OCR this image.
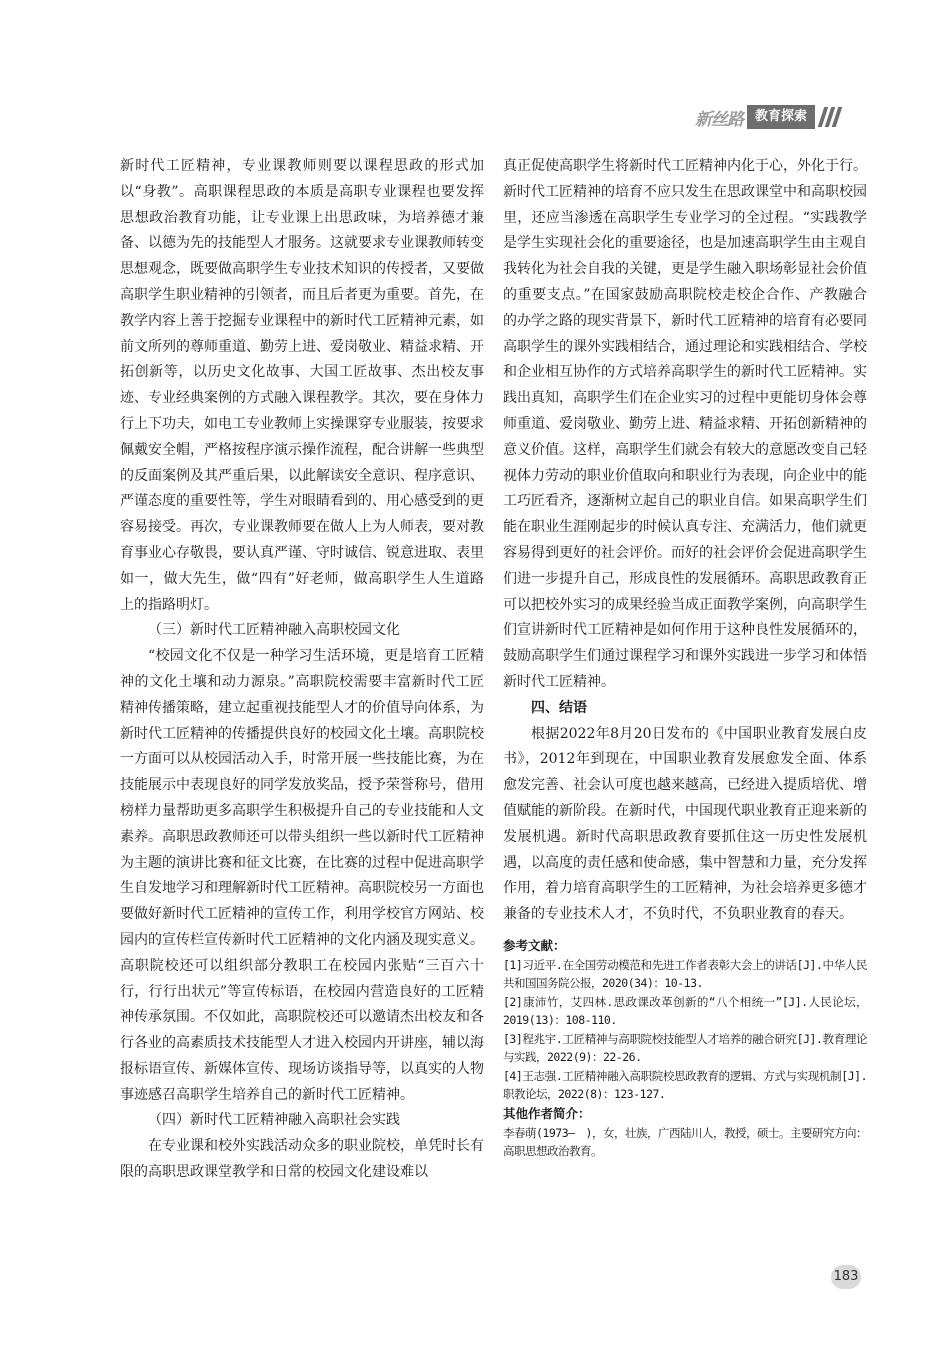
新丝路 教育探索

新时代工匠精神，专业课教师则要以课程思政的形式加以“身教”。高职课程思政的本质是高职专业课程也要发挥思想政治教育功能，让专业课上出思政味，为培养德才兼备、以德为先的技能型人才服务。这就要求专业课教师转变思想观念，既要做高职学生专业技术知识的传授者，又要做高职学生职业精神的引领者，而且后者更为重要。首先，在教学内容上善于挖掘专业课程中的新时代工匠精神元素，如前文所列的尊师重道、勤劳上进、爱岗敬业、精益求精、开拓创新等，以历史文化故事、大国工匠故事、杰出校友事迹、专业经典案例的方式融入课程教学。其次，要在身体力行上下功夫，如电工专业教师上实操课穿专业服装，按要求佩戴安全帽，严格按程序演示操作流程，配合讲解一些典型的反面案例及其严重后果，以此解读安全意识、程序意识、严谨态度的重要性等，学生对眼睛看到的、用心感受到的更容易接受。再次，专业课教师要在做人上为人师表，要对教育事业心存敬畏，要认真严谨、守时诚信、锐意进取、表里如一，做大先生，做“四有”好老师，做高职学生人生道路上的指路明灯。

（三）新时代工匠精神融入高职校园文化

“校园文化不仅是一种学习生活环境，更是培育工匠精神的文化土壤和动力源泉。”高职院校需要丰富新时代工匠精神传播策略，建立起重视技能型人才的价值导向体系，为新时代工匠精神的传播提供良好的校园文化土壤。高职院校一方面可以从校园活动入手，时常开展一些技能比赛，为在技能展示中表现良好的同学发放奖品，授予荣誉称号，借用榜样力量帮助更多高职学生积极提升自己的专业技能和人文素养。高职思政教师还可以带头组织一些以新时代工匠精神为主题的演讲比赛和征文比赛，在比赛的过程中促进高职学生自发地学习和理解新时代工匠精神。高职院校另一方面也要做好新时代工匠精神的宣传工作，利用学校官方网站、校园内的宣传栏宣传新时代工匠精神的文化内涵及现实意义。高职院校还可以组织部分教职工在校园内张贴“三百六十行，行行出状元”等宣传标语，在校园内营造良好的工匠精神传承氛围。不仅如此，高职院校还可以邀请杰出校友和各行各业的高素质技术技能型人才进入校园内开讲座，辅以海报标语宣传、新媒体宣传、现场访谈指导等，以真实的人物事迹感召高职学生培养自己的新时代工匠精神。

（四）新时代工匠精神融入高职社会实践

在专业课和校外实践活动众多的职业院校，单凭时长有限的高职思政课堂教学和日常的校园文化建设难以

真正促使高职学生将新时代工匠精神内化于心，外化于行。新时代工匠精神的培育不应只发生在思政课堂中和高职校园里，还应当渗透在高职学生专业学习的全过程。“实践教学是学生实现社会化的重要途径，也是加速高职学生由主观自我转化为社会自我的关键，更是学生融入职场彰显社会价值的重要支点。”在国家鼓励高职院校走校企合作、产教融合的办学之路的现实背景下，新时代工匠精神的培育有必要同高职学生的课外实践相结合，通过理论和实践相结合、学校和企业相互协作的方式培养高职学生的新时代工匠精神。实践出真知，高职学生们在企业实习的过程中更能切身体会尊师重道、爱岗敬业、勤劳上进、精益求精、开拓创新精神的意义价值。这样，高职学生们就会有较大的意愿改变自己轻视体力劳动的职业价值取向和职业行为表现，向企业中的能工巧匠看齐，逐渐树立起自己的职业自信。如果高职学生们能在职业生涯刚起步的时候认真专注、充满活力，他们就更容易得到更好的社会评价。而好的社会评价会促进高职学生们进一步提升自己，形成良性的发展循环。高职思政教育正可以把校外实习的成果经验当成正面教学案例，向高职学生们宣讲新时代工匠精神是如何作用于这种良性发展循环的，鼓励高职学生们通过课程学习和课外实践进一步学习和体悟新时代工匠精神。

四、结语

根据2022年8月20日发布的《中国职业教育发展白皮书》，2012年到现在，中国职业教育发展愈发全面、体系愈发完善、社会认可度也越来越高，已经进入提质培优、增值赋能的新阶段。在新时代，中国现代职业教育正迎来新的发展机遇。新时代高职思政教育要抓住这一历史性发展机遇，以高度的责任感和使命感，集中智慧和力量，充分发挥作用，着力培育高职学生的工匠精神，为社会培养更多德才兼备的专业技术人才，不负时代，不负职业教育的春天。

参考文献：
[1]习近平.在全国劳动模范和先进工作者表彰大会上的讲话[J].中华人民共和国国务院公报，2020(34)：10-13.
[2]康沛竹，艾四林.思政课改革创新的“八个相统一”[J].人民论坛，2019(13)：108-110.
[3]程兆宇.工匠精神与高职院校技能型人才培养的融合研究[J].教育理论与实践，2022(9)：22-26.
[4]王志强.工匠精神融入高职院校思政教育的逻辑、方式与实现机制[J].职教论坛，2022(8)：123-127.
其他作者简介：
李春萌(1973—　)，女，壮族，广西陆川人，教授，硕士。主要研究方向：高职思想政治教育。
183
